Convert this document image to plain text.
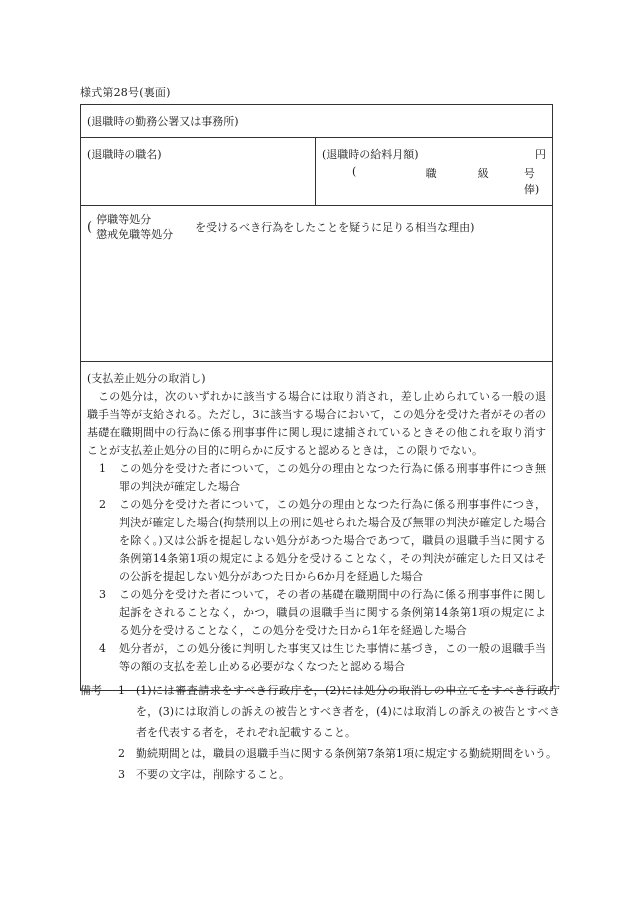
様式第28号(裏面)
(退職時の勤務公署又は事務所)

(退職時の職名)	(退職時の給料月額)	円
(	職	級	号俸)

( 停職等処分
懲戒免職等処分
を受けるべき行為をしたことを疑うに足りる相当な理由)

(支払差止処分の取消し)
この処分は，次のいずれかに該当する場合には取り消され，差し止められている一般の退職手当等が支給される。ただし，3に該当する場合において，この処分を受けた者がその者の基礎在職期間中の行為に係る刑事事件に関し現に逮捕されているときその他これを取り消すことが支払差止処分の目的に明らかに反すると認めるときは，この限りでない。
1	この処分を受けた者について，この処分の理由となつた行為に係る刑事事件につき無罪の判決が確定した場合
2	この処分を受けた者について，この処分の理由となつた行為に係る刑事事件につき，判決が確定した場合(拘禁刑以上の刑に処せられた場合及び無罪の判決が確定した場合を除く。)又は公訴を提起しない処分があつた場合であつて，職員の退職手当に関する条例第14条第1項の規定による処分を受けることなく，その判決が確定した日又はその公訴を提起しない処分があつた日から6か月を経過した場合
3	この処分を受けた者について，その者の基礎在職期間中の行為に係る刑事事件に関し起訴をされることなく，かつ，職員の退職手当に関する条例第14条第1項の規定による処分を受けることなく，この処分を受けた日から1年を経過した場合
4	処分者が，この処分後に判明した事実又は生じた事情に基づき，この一般の退職手当等の額の支払を差し止める必要がなくなつたと認める場合
備考	1	(1)には審査請求をすべき行政庁を，(2)には処分の取消しの申立てをすべき行政庁を，(3)には取消しの訴えの被告とすべき者を，(4)には取消しの訴えの被告とすべき者を代表する者を，それぞれ記載すること。
2	勤続期間とは，職員の退職手当に関する条例第7条第1項に規定する勤続期間をいう。
3	不要の文字は，削除すること。
